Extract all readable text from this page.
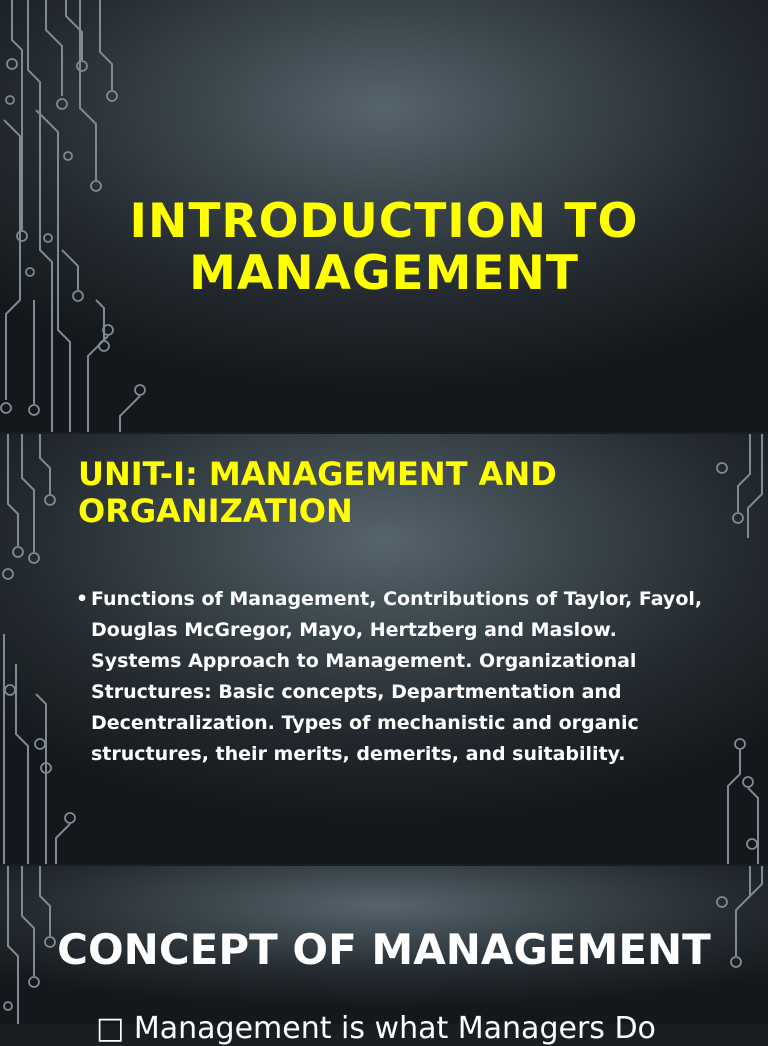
INTRODUCTION TO MANAGEMENT
UNIT-I: MANAGEMENT AND ORGANIZATION
• Functions of Management, Contributions of Taylor, Fayol, Douglas McGregor, Mayo, Hertzberg and Maslow. Systems Approach to Management. Organizational Structures: Basic concepts, Departmentation and Decentralization. Types of mechanistic and organic structures, their merits, demerits, and suitability.
CONCEPT OF MANAGEMENT
□ Management is what Managers Do
